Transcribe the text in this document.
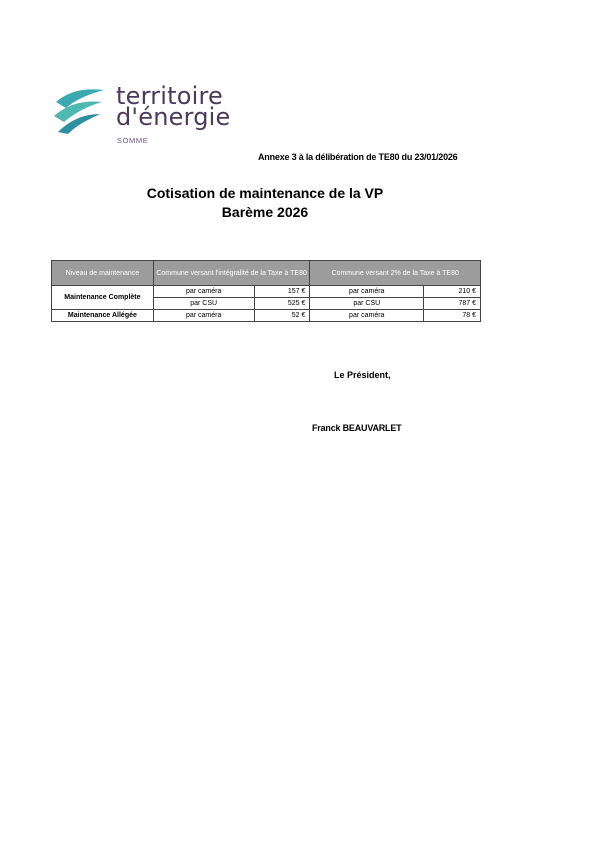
territoire
d'énergie
SOMME
Annexe 3 à la délibération de TE80 du 23/01/2026
Cotisation de maintenance de la VP
Barème 2026
Niveau de maintenance	Commune versant l'intégralité de la Taxe à TE80		Commune versant 2% de la Taxe à TE80	
Maintenance Complète	par caméra	157 €	par caméra	210 €
	par CSU	525 €	par CSU	787 €
Maintenance Allégée	par caméra	52 €	par caméra	78 €
Le Président,
Franck BEAUVARLET
